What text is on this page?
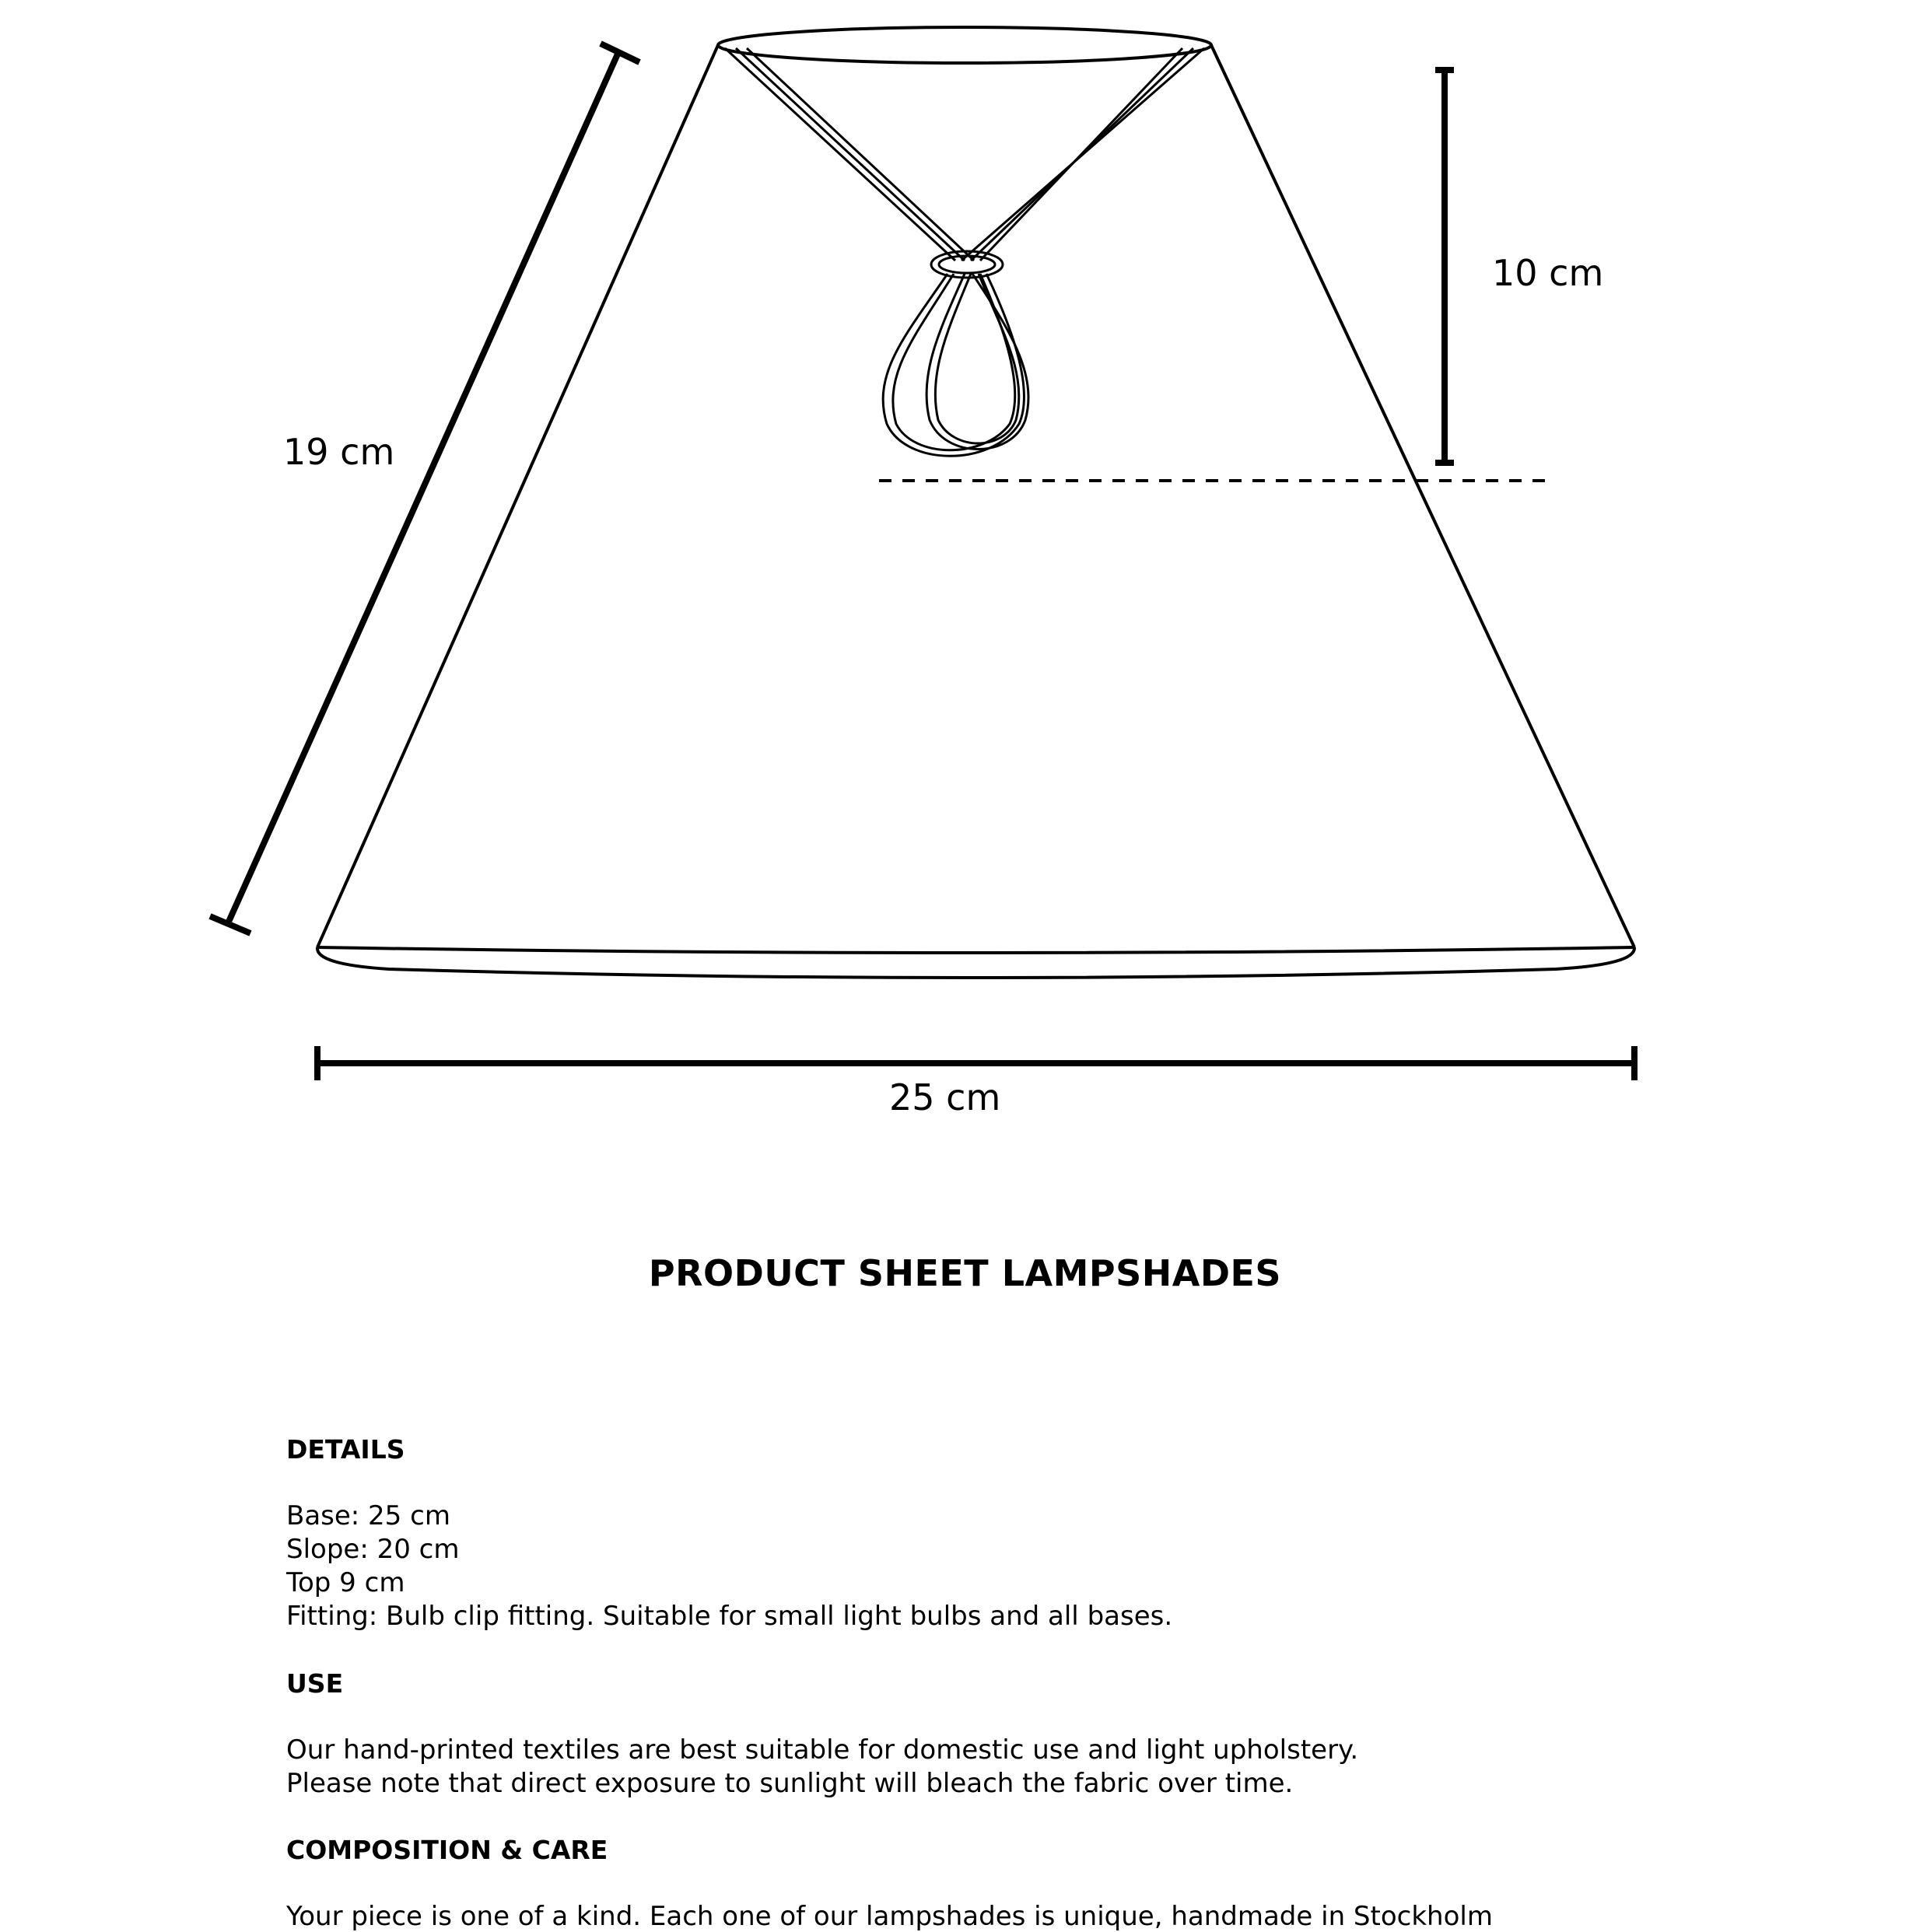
19 cm
10 cm
25 cm
PRODUCT SHEET LAMPSHADES
DETAILS
Base: 25 cm
Slope: 20 cm
Top 9 cm
Fitting: Bulb clip fitting. Suitable for small light bulbs and all bases.
USE
Our hand-printed textiles are best suitable for domestic use and light upholstery.
Please note that direct exposure to sunlight will bleach the fabric over time.
COMPOSITION & CARE
Your piece is one of a kind. Each one of our lampshades is unique, handmade in Stockholm
